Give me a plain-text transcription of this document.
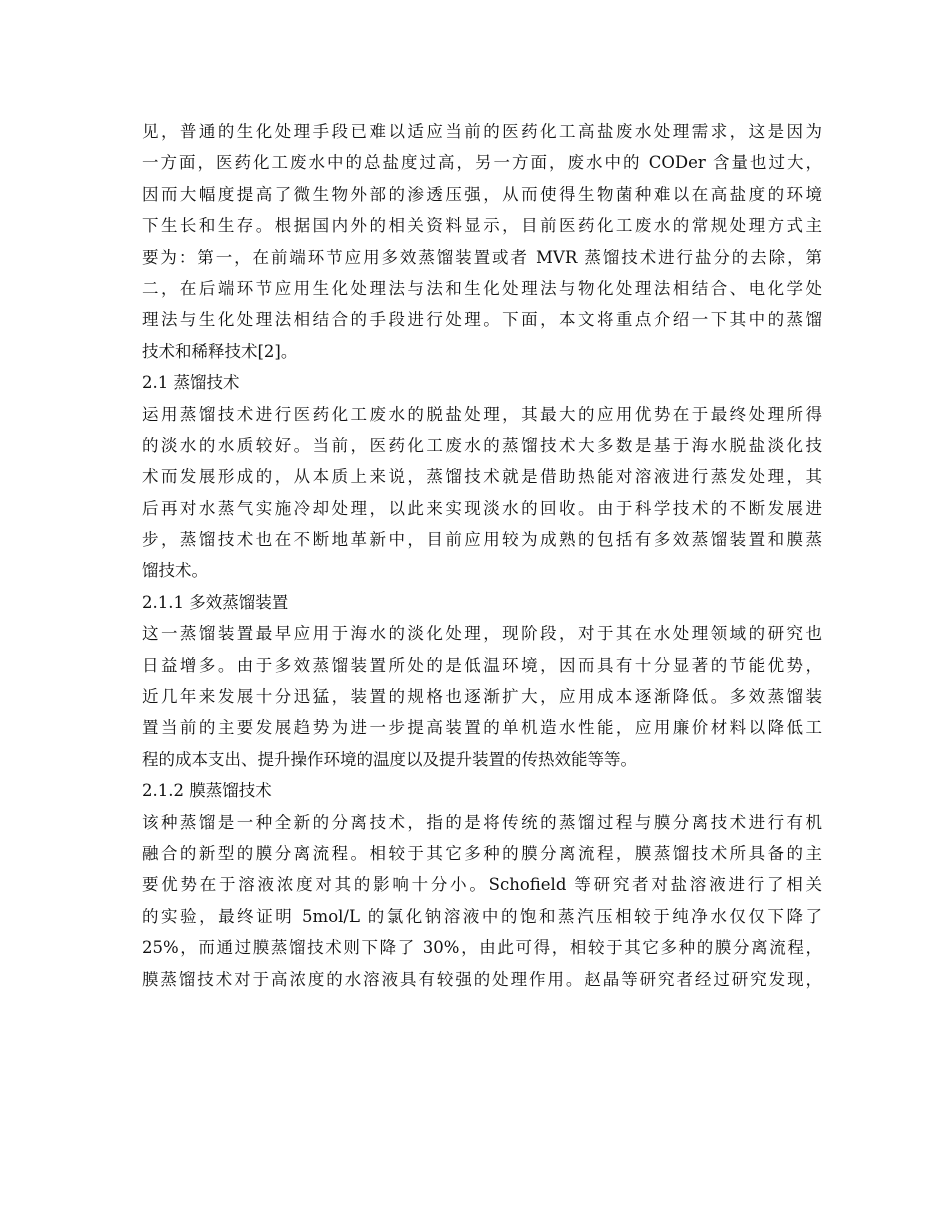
见，普通的生化处理手段已难以适应当前的医药化工高盐废水处理需求，这是因为
一方面，医药化工废水中的总盐度过高，另一方面，废水中的 CODer 含量也过大，
因而大幅度提高了微生物外部的渗透压强，从而使得生物菌种难以在高盐度的环境
下生长和生存。根据国内外的相关资料显示，目前医药化工废水的常规处理方式主
要为：第一，在前端环节应用多效蒸馏装置或者 MVR 蒸馏技术进行盐分的去除，第
二，在后端环节应用生化处理法与法和生化处理法与物化处理法相结合、电化学处
理法与生化处理法相结合的手段进行处理。下面，本文将重点介绍一下其中的蒸馏
技术和稀释技术[2]。
2.1 蒸馏技术
运用蒸馏技术进行医药化工废水的脱盐处理，其最大的应用优势在于最终处理所得
的淡水的水质较好。当前，医药化工废水的蒸馏技术大多数是基于海水脱盐淡化技
术而发展形成的，从本质上来说，蒸馏技术就是借助热能对溶液进行蒸发处理，其
后再对水蒸气实施冷却处理，以此来实现淡水的回收。由于科学技术的不断发展进
步，蒸馏技术也在不断地革新中，目前应用较为成熟的包括有多效蒸馏装置和膜蒸
馏技术。
2.1.1 多效蒸馏装置
这一蒸馏装置最早应用于海水的淡化处理，现阶段，对于其在水处理领域的研究也
日益增多。由于多效蒸馏装置所处的是低温环境，因而具有十分显著的节能优势，
近几年来发展十分迅猛，装置的规格也逐渐扩大，应用成本逐渐降低。多效蒸馏装
置当前的主要发展趋势为进一步提高装置的单机造水性能，应用廉价材料以降低工
程的成本支出、提升操作环境的温度以及提升装置的传热效能等等。
2.1.2 膜蒸馏技术
该种蒸馏是一种全新的分离技术，指的是将传统的蒸馏过程与膜分离技术进行有机
融合的新型的膜分离流程。相较于其它多种的膜分离流程，膜蒸馏技术所具备的主
要优势在于溶液浓度对其的影响十分小。Schofield 等研究者对盐溶液进行了相关
的实验，最终证明 5mol/L 的氯化钠溶液中的饱和蒸汽压相较于纯净水仅仅下降了
25%，而通过膜蒸馏技术则下降了 30%，由此可得，相较于其它多种的膜分离流程，
膜蒸馏技术对于高浓度的水溶液具有较强的处理作用。赵晶等研究者经过研究发现，
